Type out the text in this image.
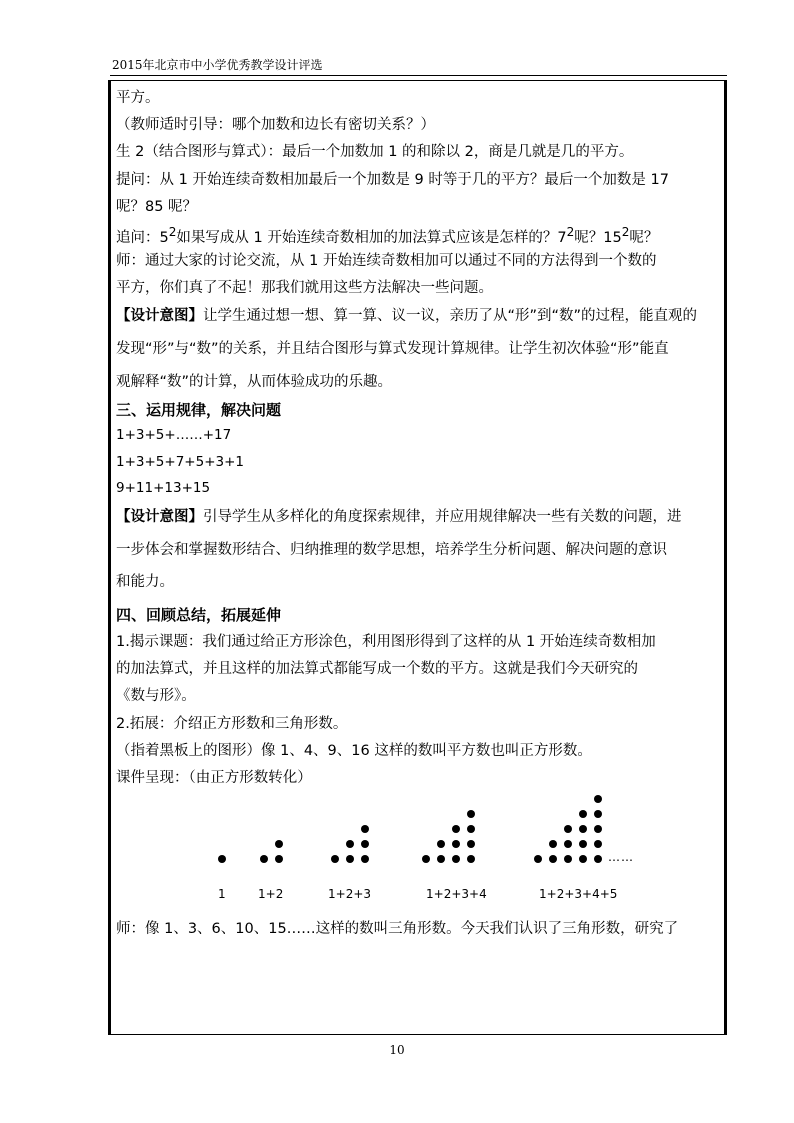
2015年北京市中小学优秀教学设计评选

平方。

（教师适时引导：哪个加数和边长有密切关系？）

生 2（结合图形与算式）：最后一个加数加 1 的和除以 2，商是几就是几的平方。

提问：从 1 开始连续奇数相加最后一个加数是 9 时等于几的平方？最后一个加数是 17

呢？85 呢？

追问：$5^2$如果写成从 1 开始连续奇数相加的加法算式应该是怎样的？$7^2$呢？$15^2$呢？

师：通过大家的讨论交流，从 1 开始连续奇数相加可以通过不同的方法得到一个数的

平方，你们真了不起！那我们就用这些方法解决一些问题。

【设计意图】让学生通过想一想、算一算、议一议，亲历了从“形”到“数”的过程，能直观的

发现“形”与“数”的关系，并且结合图形与算式发现计算规律。让学生初次体验“形”能直

观解释“数”的计算，从而体验成功的乐趣。

三、运用规律，解决问题

1+3+5+……+17

1+3+5+7+5+3+1

9+11+13+15

【设计意图】引导学生从多样化的角度探索规律，并应用规律解决一些有关数的问题，进

一步体会和掌握数形结合、归纳推理的数学思想，培养学生分析问题、解决问题的意识

和能力。

四、回顾总结，拓展延伸

1.揭示课题：我们通过给正方形涂色，利用图形得到了这样的从 1 开始连续奇数相加

的加法算式，并且这样的加法算式都能写成一个数的平方。这就是我们今天研究的

《数与形》。

2.拓展：介绍正方形数和三角形数。

（指着黑板上的图形）像 1、4、9、16 这样的数叫平方数也叫正方形数。

课件呈现：（由正方形数转化）

1	1+2	1+2+3	1+2+3+4	1+2+3+4+5
……

师：像 1、3、6、10、15……这样的数叫三角形数。今天我们认识了三角形数，研究了

10
